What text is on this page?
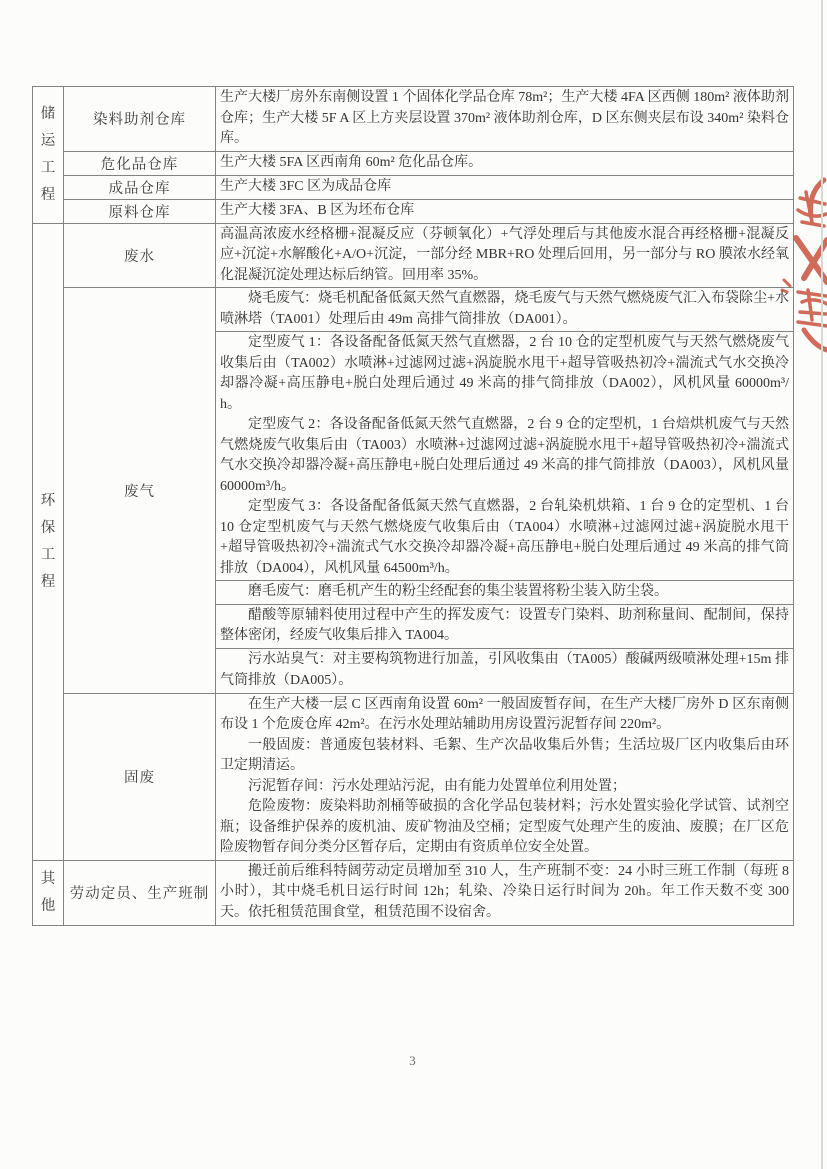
储运工程	染料助剂仓库	生产大楼厂房外东南侧设置 1 个固体化学品仓库 78m²；生产大楼 4FA 区西侧 180m² 液体助剂仓库；生产大楼 5F A 区上方夹层设置 370m² 液体助剂仓库，D 区东侧夹层布设 340m² 染料仓库。

	危化品仓库	生产大楼 5FA 区西南角 60m² 危化品仓库。

	成品仓库	生产大楼 3FC 区为成品仓库

	原料仓库	生产大楼 3FA、B 区为坯布仓库

环保工程	废水	高温高浓废水经格栅+混凝反应（芬顿氧化）+气浮处理后与其他废水混合再经格栅+混凝反应+沉淀+水解酸化+A/O+沉淀，一部分经 MBR+RO 处理后回用，另一部分与 RO 膜浓水经氧化混凝沉淀处理达标后纳管。回用率 35%。

	废气	烧毛废气：烧毛机配备低氮天然气直燃器，烧毛废气与天然气燃烧废气汇入布袋除尘+水喷淋塔（TA001）处理后由 49m 高排气筒排放（DA001）。

		定型废气 1：各设备配备低氮天然气直燃器，2 台 10 仓的定型机废气与天然气燃烧废气收集后由（TA002）水喷淋+过滤网过滤+涡旋脱水甩干+超导管吸热初冷+湍流式气水交换冷却器冷凝+高压静电+脱白处理后通过 49 米高的排气筒排放（DA002），风机风量 60000m³/h。

定型废气 2：各设备配备低氮天然气直燃器，2 台 9 仓的定型机，1 台焙烘机废气与天然气燃烧废气收集后由（TA003）水喷淋+过滤网过滤+涡旋脱水甩干+超导管吸热初冷+湍流式气水交换冷却器冷凝+高压静电+脱白处理后通过 49 米高的排气筒排放（DA003），风机风量 60000m³/h。

定型废气 3：各设备配备低氮天然气直燃器，2 台轧染机烘箱、1 台 9 仓的定型机、1 台 10 仓定型机废气与天然气燃烧废气收集后由（TA004）水喷淋+过滤网过滤+涡旋脱水甩干+超导管吸热初冷+湍流式气水交换冷却器冷凝+高压静电+脱白处理后通过 49 米高的排气筒排放（DA004），风机风量 64500m³/h。

		磨毛废气：磨毛机产生的粉尘经配套的集尘装置将粉尘装入防尘袋。

		醋酸等原辅料使用过程中产生的挥发废气：设置专门染料、助剂称量间、配制间，保持整体密闭，经废气收集后排入 TA004。

		污水站臭气：对主要构筑物进行加盖，引风收集由（TA005）酸碱两级喷淋处理+15m 排气筒排放（DA005）。

	固废	在生产大楼一层 C 区西南角设置 60m² 一般固废暂存间，在生产大楼厂房外 D 区东南侧布设 1 个危废仓库 42m²。在污水处理站辅助用房设置污泥暂存间 220m²。

一般固废：普通废包装材料、毛絮、生产次品收集后外售；生活垃圾厂区内收集后由环卫定期清运。

污泥暂存间：污水处理站污泥，由有能力处置单位利用处置；

危险废物：废染料助剂桶等破损的含化学品包装材料；污水处置实验化学试管、试剂空瓶；设备维护保养的废机油、废矿物油及空桶；定型废气处理产生的废油、废膜；在厂区危险废物暂存间分类分区暂存后，定期由有资质单位安全处置。

其他	劳动定员、生产班制	搬迁前后维科特阔劳动定员增加至 310 人，生产班制不变：24 小时三班工作制（每班 8 小时），其中烧毛机日运行时间 12h；轧染、冷染日运行时间为 20h。年工作天数不变 300 天。依托租赁范围食堂，租赁范围不设宿舍。

3
